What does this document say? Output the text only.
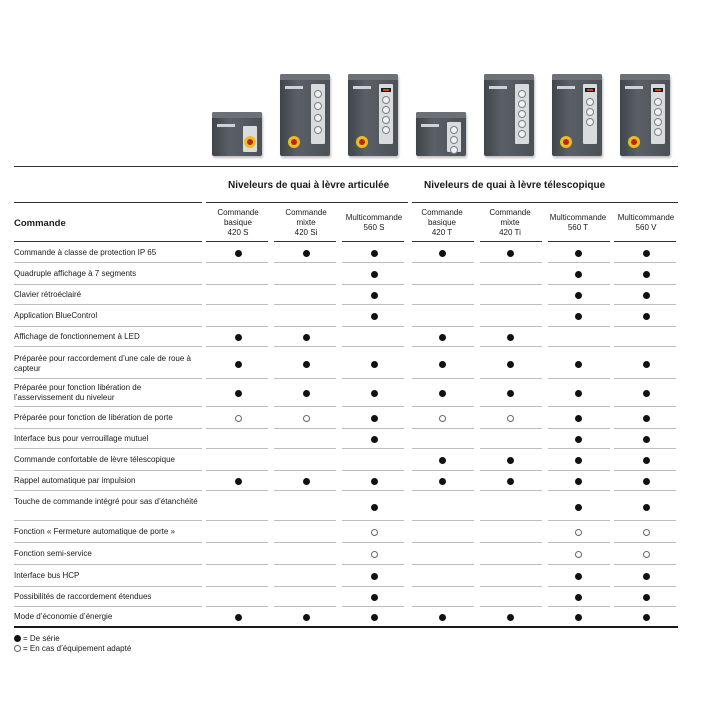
Niveleurs de quai à lèvre articulée	Niveleurs de quai à lèvre télescopique
Commande
Commande
basique
420 S
Commande
mixte
420 Si
Multicommande
560 S
Commande
basique
420 T
Commande
mixte
420 Ti
Multicommande
560 T
Multicommande
560 V
Commande à classe de protection IP 65
Quadruple affichage à 7 segments
Clavier rétroéclairé
Application BlueControl
Affichage de fonctionnement à LED
Préparée pour raccordement d’une cale de roue à capteur
Préparée pour fonction libération de l’asservissement du niveleur
Préparée pour fonction de libération de porte
Interface bus pour verrouillage mutuel
Commande confortable de lèvre télescopique
Rappel automatique par impulsion
Touche de commande intégré pour sas d’étanchéité
Fonction « Fermeture automatique de porte »
Fonction semi-service
Interface bus HCP
Possibilités de raccordement étendues
Mode d’économie d’énergie
= De série
= En cas d’équipement adapté
